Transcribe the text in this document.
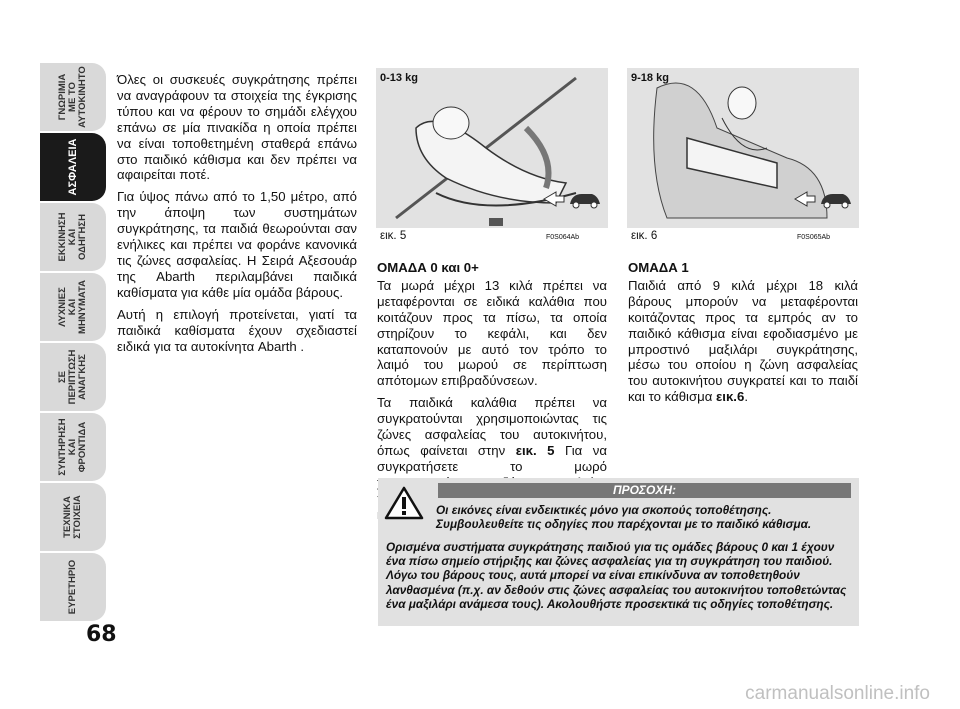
ΓΝΩΡΙΜΙΑ
ΜΕ ΤΟ
ΑΥΤΟΚΙΝΗΤΟ
ΑΣΦΑΛΕΙΑ
ΕΚΚΙΝΗΣΗ
ΚΑΙ
ΟΔΗΓΗΣΗ
ΛΥΧΝΙΕΣ
ΚΑΙ
ΜΗΝΥΜΑΤΑ
ΣΕ
ΠΕΡΙΠΤΩΣΗ
ΑΝΑΓΚΗΣ
ΣΥΝΤΗΡΗΣΗ
ΚΑΙ
ΦΡΟΝΤΙΔΑ
ΤΕΧΝΙΚΑ
ΣΤΟΙΧΕΙΑ
ΕΥΡΕΤΗΡΙΟ
68

Όλες οι συσκευές συγκράτησης πρέπει να αναγράφουν τα στοιχεία της έγκρισης τύπου και να φέρουν το σημάδι ελέγχου επάνω σε μία πινακίδα η οποία πρέπει να είναι τοποθετημένη σταθερά επάνω στο παιδικό κάθισμα και δεν πρέπει να αφαιρείται ποτέ.

Για ύψος πάνω από το 1,50 μέτρο, από την άποψη των συστημάτων συγκράτησης, τα παιδιά θεωρούνται σαν ενήλικες και πρέπει να φοράνε κανονικά τις ζώνες ασφαλείας. Η Σειρά Αξεσουάρ της Abarth περιλαμβάνει παιδικά καθίσματα για κάθε μία ομάδα βάρους.

Αυτή η επιλογή προτείνεται, γιατί τα παιδικά καθίσματα έχουν σχεδιαστεί ειδικά για τα αυτοκίνητα Abarth .

0-13 kg
εικ. 5	F0S064Ab
9-18 kg
εικ. 6	F0S065Ab
ΟΜΑΔΑ 0 και 0+

Τα μωρά μέχρι 13 κιλά πρέπει να μεταφέρονται σε ειδικά καλάθια που κοιτάζουν προς τα πίσω, τα οποία στηρίζουν το κεφάλι, και δεν καταπονούν με αυτό τον τρόπο το λαιμό του μωρού σε περίπτωση απότομων επιβραδύνσεων.

Τα παιδικά καλάθια πρέπει να συγκρατούνται χρησιμοποιώντας τις ζώνες ασφαλείας του αυτοκινήτου, όπως φαίνεται στην εικ. 5 Για να συγκρατήσετε το μωρό

ΟΜΑΔΑ 1

Παιδιά από 9 κιλά μέχρι 18 κιλά βάρους μπορούν να μεταφέρονται κοιτάζοντας προς τα εμπρός αν το παιδικό κάθισμα είναι εφοδιασμένο με μπροστινό μαξιλάρι συγκράτησης, μέσω του οποίου η ζώνη ασφαλείας του αυτοκινήτου συγκρατεί και το παιδί και το κάθισμα εικ.6.

ΠΡΟΣΟΧΗ:
Οι εικόνες είναι ενδεικτικές μόνο για σκοπούς τοποθέτησης. Συμβουλευθείτε τις οδηγίες που παρέχονται με το παιδικό κάθισμα.
Ορισμένα συστήματα συγκράτησης παιδιού για τις ομάδες βάρους 0 και 1 έχουν ένα πίσω σημείο στήριξης και ζώνες ασφαλείας για τη συγκράτηση του παιδιού. Λόγω του βάρους τους, αυτά μπορεί να είναι επικίνδυνα αν τοποθετηθούν λανθασμένα (π.χ. αν δεθούν στις ζώνες ασφαλείας του αυτοκινήτου τοποθετώντας ένα μαξιλάρι ανάμεσα τους). Ακολουθήστε προσεκτικά τις οδηγίες τοποθέτησης.
carmanualsonline.info
